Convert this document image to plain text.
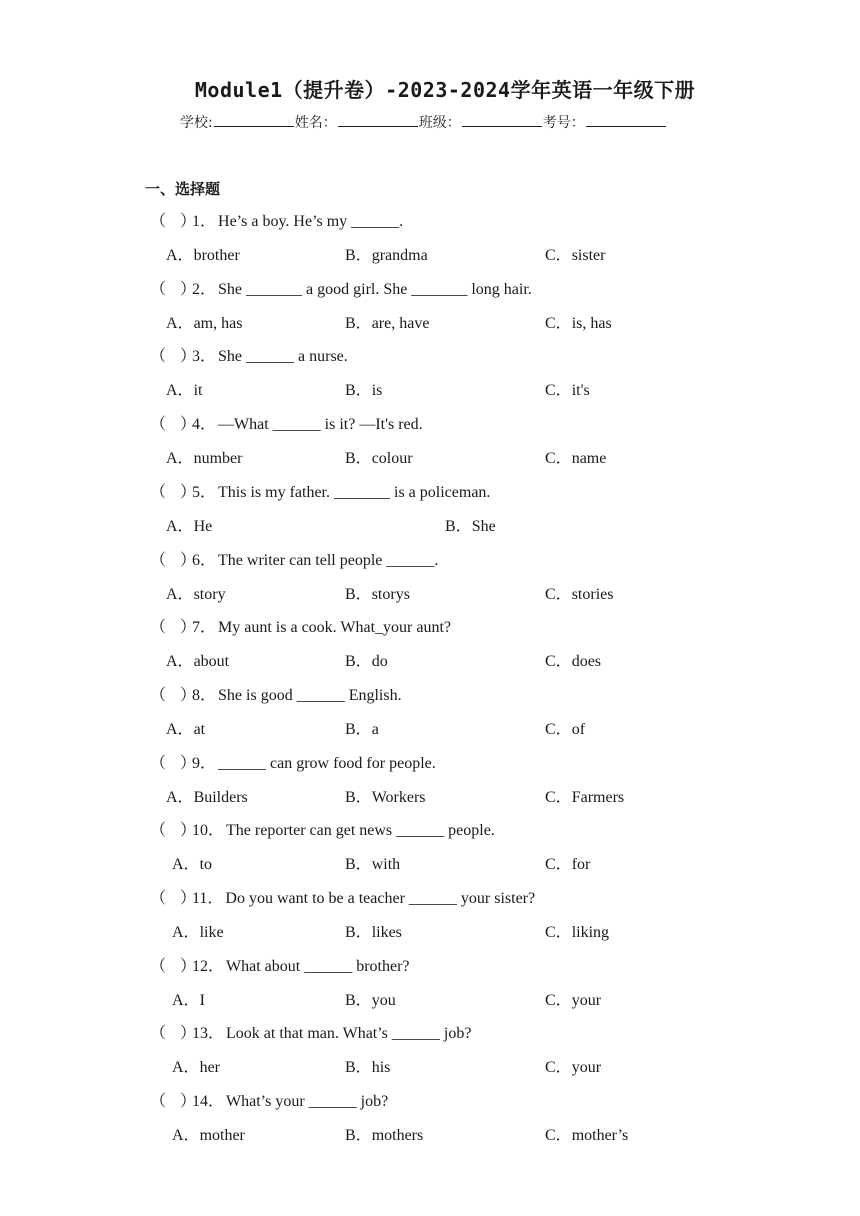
Module1（提升卷）-2023-2024学年英语一年级下册
学校:	姓名：	班级：	考号：
一、选择题
（ ）1． He’s a boy. He’s my ______.
A．brother	B．grandma	C．sister
（ ）2． She _______ a good girl. She _______ long hair.
A．am, has	B．are, have	C．is, has
（ ）3． She ______ a nurse.
A．it	B．is	C．it's
（ ）4． —What ______ is it? —It's red.
A．number	B．colour	C．name
（ ）5． This is my father. _______ is a policeman.
A．He	B．She
（ ）6． The writer can tell people ______.
A．story	B．storys	C．stories
（ ）7． My aunt is a cook. What_your aunt?
A．about	B．do	C．does
（ ）8． She is good ______ English.
A．at	B．a	C．of
（ ）9． ______ can grow food for people.
A．Builders	B．Workers	C．Farmers
（ ）10． The reporter can get news ______ people.
A．to	B．with	C．for
（ ）11． Do you want to be a teacher ______ your sister?
A．like	B．likes	C．liking
（ ）12． What about ______ brother?
A．I	B．you	C．your
（ ）13． Look at that man. What’s ______ job?
A．her	B．his	C．your
（ ）14． What’s your ______ job?
A．mother	B．mothers	C．mother’s
